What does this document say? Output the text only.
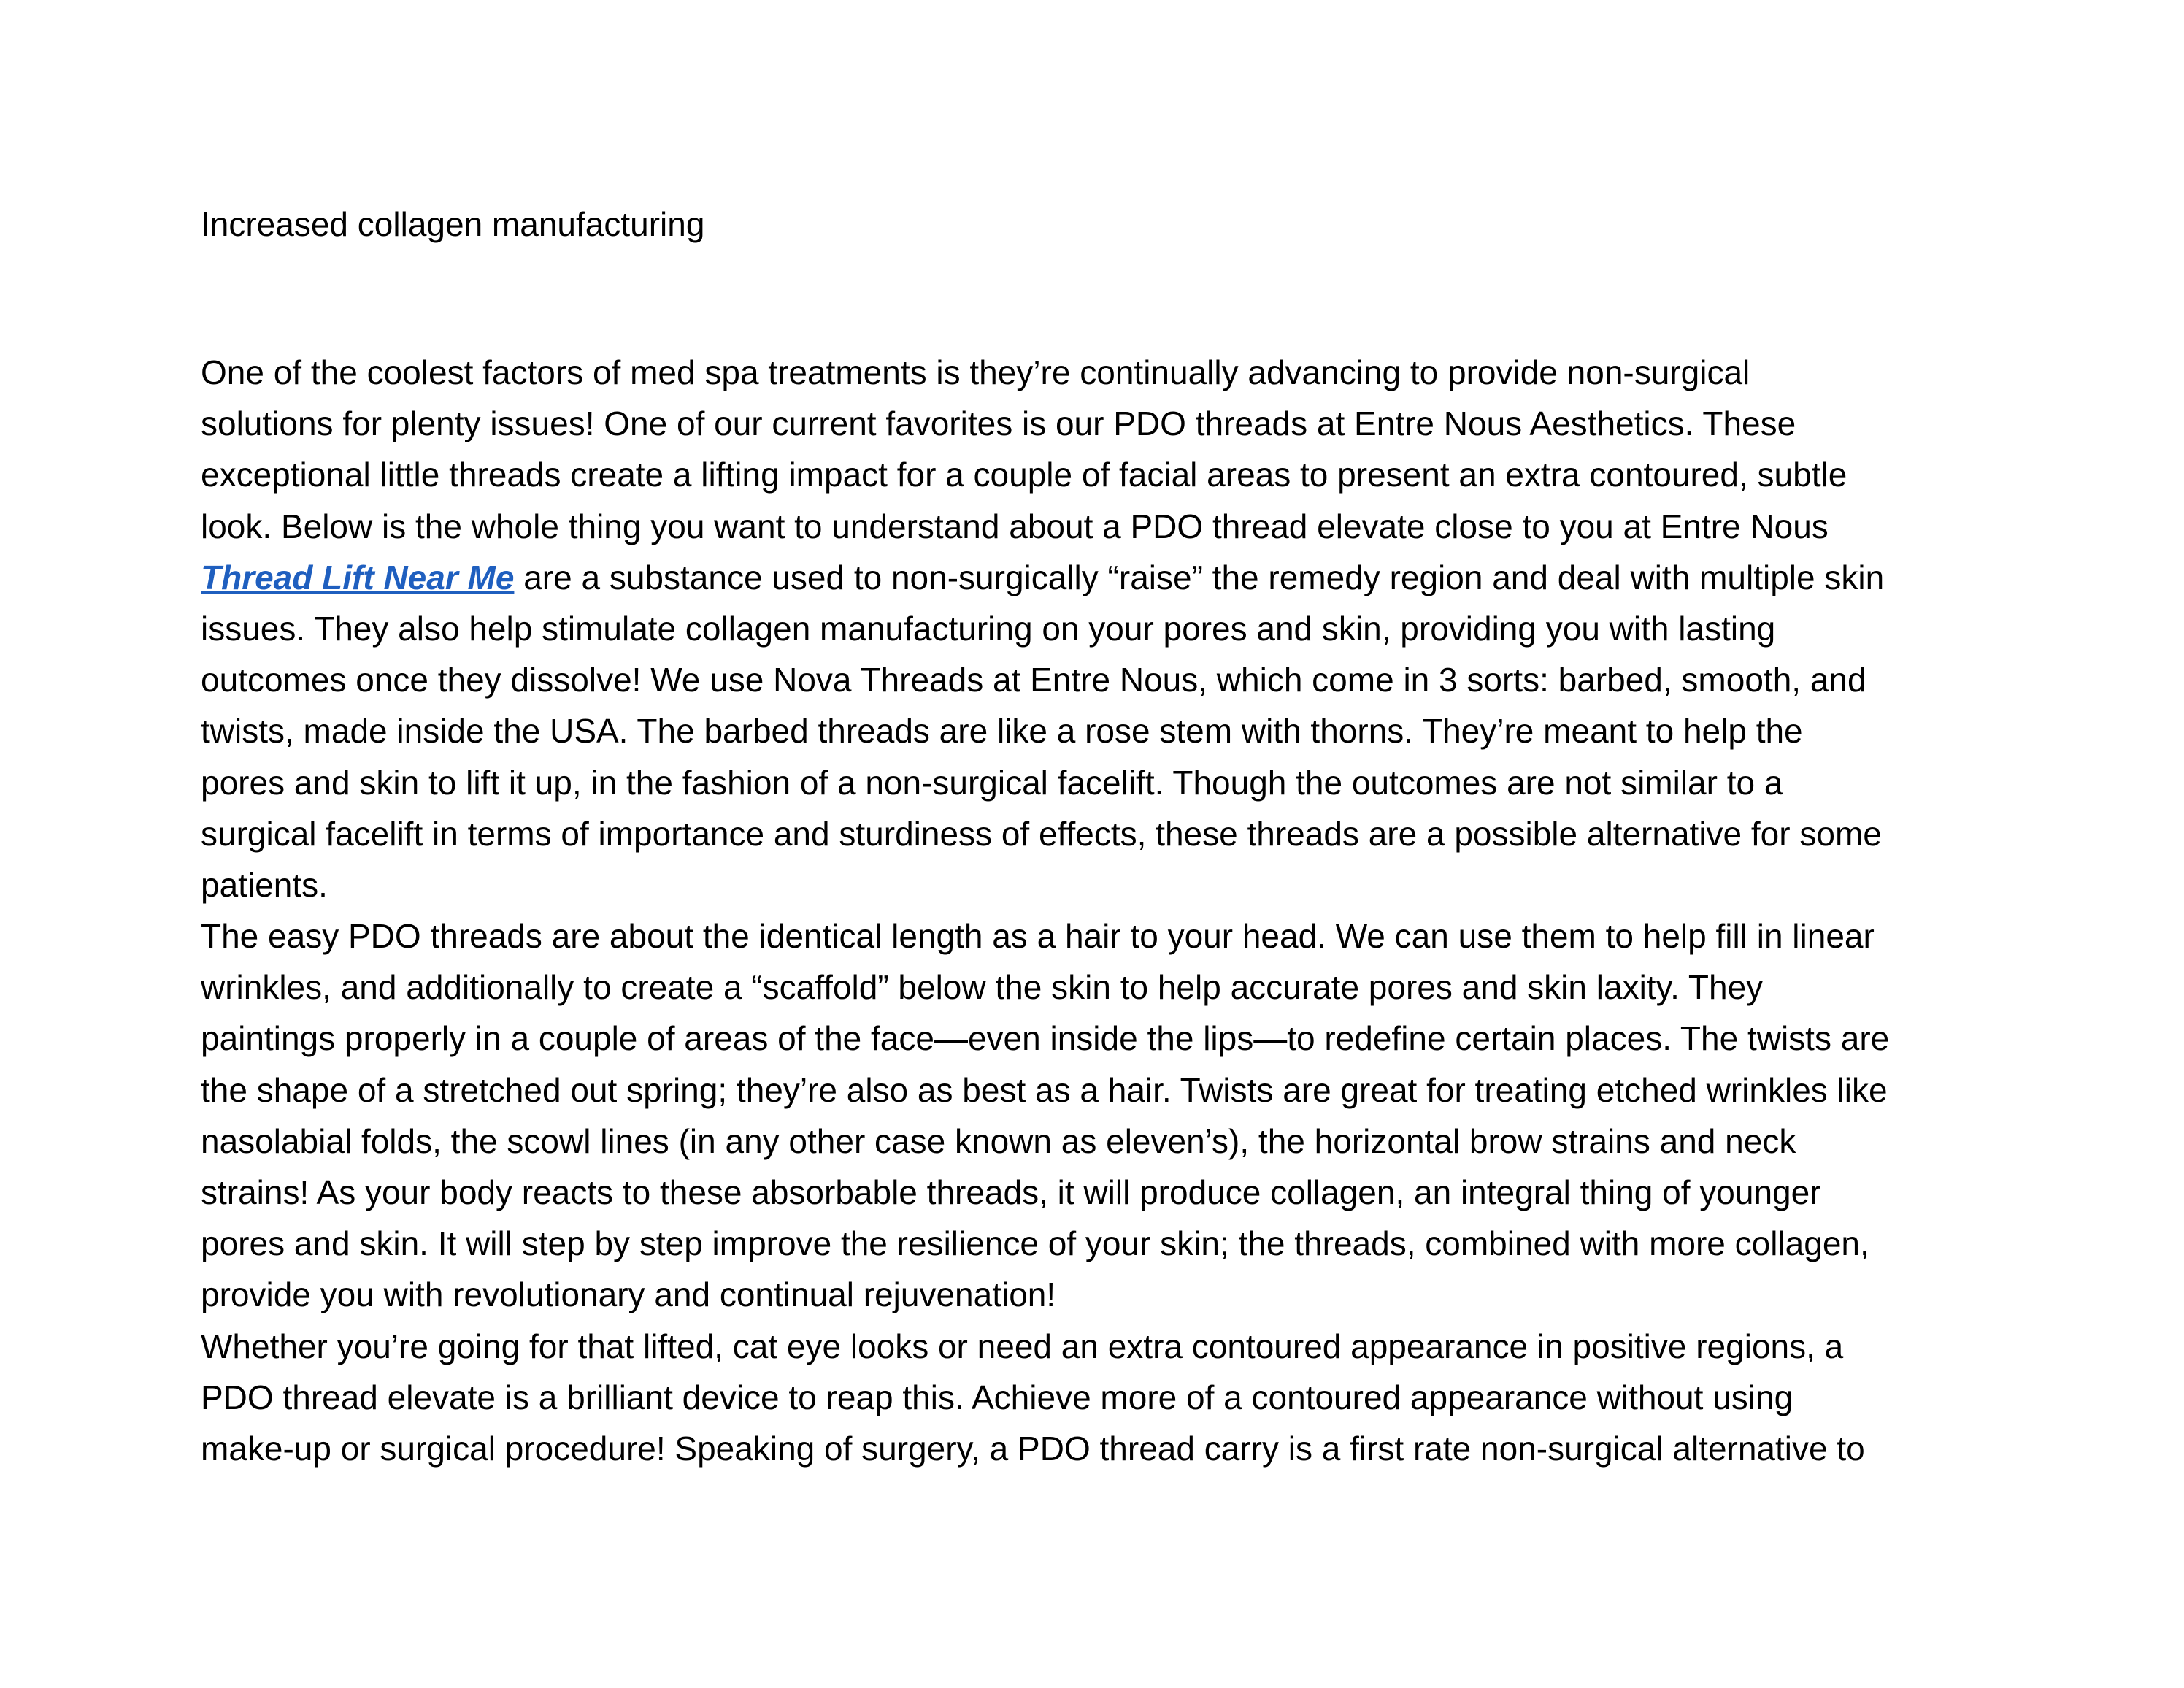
Increased collagen manufacturing
One of the coolest factors of med spa treatments is they’re continually advancing to provide non-surgical
solutions for plenty issues! One of our current favorites is our PDO threads at Entre Nous Aesthetics. These
exceptional little threads create a lifting impact for a couple of facial areas to present an extra contoured, subtle
look. Below is the whole thing you want to understand about a PDO thread elevate close to you at Entre Nous
Thread Lift Near Me are a substance used to non-surgically “raise” the remedy region and deal with multiple skin
issues. They also help stimulate collagen manufacturing on your pores and skin, providing you with lasting
outcomes once they dissolve! We use Nova Threads at Entre Nous, which come in 3 sorts: barbed, smooth, and
twists, made inside the USA. The barbed threads are like a rose stem with thorns. They’re meant to help the
pores and skin to lift it up, in the fashion of a non-surgical facelift. Though the outcomes are not similar to a
surgical facelift in terms of importance and sturdiness of effects, these threads are a possible alternative for some
patients.
The easy PDO threads are about the identical length as a hair to your head. We can use them to help fill in linear
wrinkles, and additionally to create a “scaffold” below the skin to help accurate pores and skin laxity. They
paintings properly in a couple of areas of the face—even inside the lips—to redefine certain places. The twists are
the shape of a stretched out spring; they’re also as best as a hair. Twists are great for treating etched wrinkles like
nasolabial folds, the scowl lines (in any other case known as eleven’s), the horizontal brow strains and neck
strains! As your body reacts to these absorbable threads, it will produce collagen, an integral thing of younger
pores and skin. It will step by step improve the resilience of your skin; the threads, combined with more collagen,
provide you with revolutionary and continual rejuvenation!
Whether you’re going for that lifted, cat eye looks or need an extra contoured appearance in positive regions, a
PDO thread elevate is a brilliant device to reap this. Achieve more of a contoured appearance without using
make-up or surgical procedure! Speaking of surgery, a PDO thread carry is a first rate non-surgical alternative to
